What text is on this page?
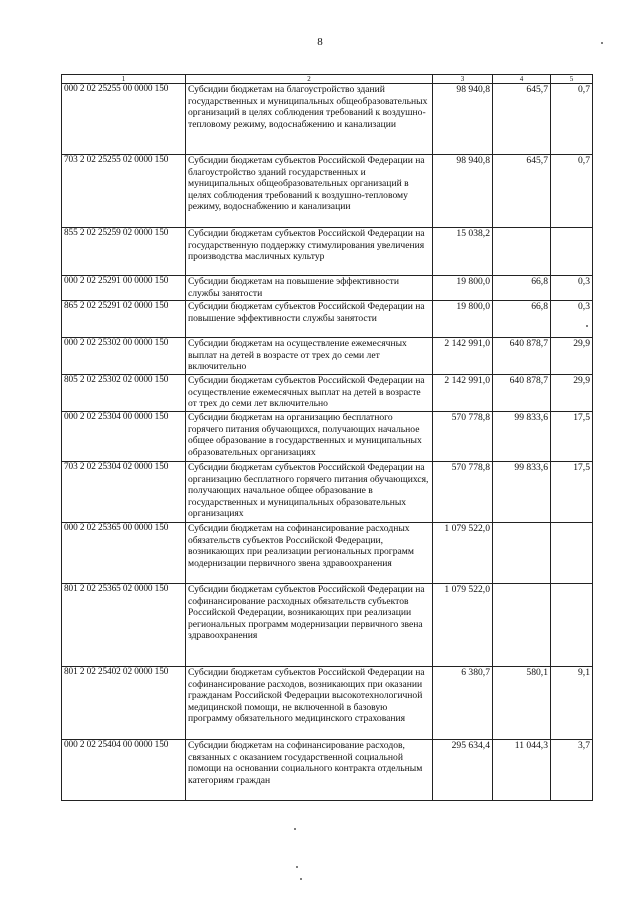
8
1	2	3	4	5
000 2 02 25255 00 0000 150	Субсидии бюджетам на благоустройство зданий государственных и муниципальных общеобразовательных организаций в целях соблюдения требований к воздушно-тепловому режиму, водоснабжению и канализации	98 940,8	645,7	0,7
703 2 02 25255 02 0000 150	Субсидии бюджетам субъектов Российской Федерации на благоустройство зданий государственных и муниципальных общеобразовательных организаций в целях соблюдения требований к воздушно-тепловому режиму, водоснабжению и канализации	98 940,8	645,7	0,7
855 2 02 25259 02 0000 150	Субсидии бюджетам субъектов Российской Федерации на государственную поддержку стимулирования увеличения производства масличных культур	15 038,2		
000 2 02 25291 00 0000 150	Субсидии бюджетам на повышение эффективности службы занятости	19 800,0	66,8	0,3
865 2 02 25291 02 0000 150	Субсидии бюджетам субъектов Российской Федерации на повышение эффективности службы занятости	19 800,0	66,8	0,3
000 2 02 25302 00 0000 150	Субсидии бюджетам на осуществление ежемесячных выплат на детей в возрасте от трех до семи лет включительно	2 142 991,0	640 878,7	29,9
805 2 02 25302 02 0000 150	Субсидии бюджетам субъектов Российской Федерации на осуществление ежемесячных выплат на детей в возрасте от трех до семи лет включительно	2 142 991,0	640 878,7	29,9
000 2 02 25304 00 0000 150	Субсидии бюджетам на организацию бесплатного горячего питания обучающихся, получающих начальное общее образование в государственных и муниципальных образовательных организациях	570 778,8	99 833,6	17,5
703 2 02 25304 02 0000 150	Субсидии бюджетам субъектов Российской Федерации на организацию бесплатного горячего питания обучающихся, получающих начальное общее образование в государственных и муниципальных образовательных организациях	570 778,8	99 833,6	17,5
000 2 02 25365 00 0000 150	Субсидии бюджетам на софинансирование расходных обязательств субъектов Российской Федерации, возникающих при реализации региональных программ модернизации первичного звена здравоохранения	1 079 522,0		
801 2 02 25365 02 0000 150	Субсидии бюджетам субъектов Российской Федерации на софинансирование расходных обязательств субъектов Российской Федерации, возникающих при реализации региональных программ модернизации первичного звена здравоохранения	1 079 522,0		
801 2 02 25402 02 0000 150	Субсидии бюджетам субъектов Российской Федерации на софинансирование расходов, возникающих при оказании гражданам Российской Федерации высокотехнологичной медицинской помощи, не включенной в базовую программу обязательного медицинского страхования	6 380,7	580,1	9,1
000 2 02 25404 00 0000 150	Субсидии бюджетам на софинансирование расходов, связанных с оказанием государственной социальной помощи на основании социального контракта отдельным категориям граждан	295 634,4	11 044,3	3,7
